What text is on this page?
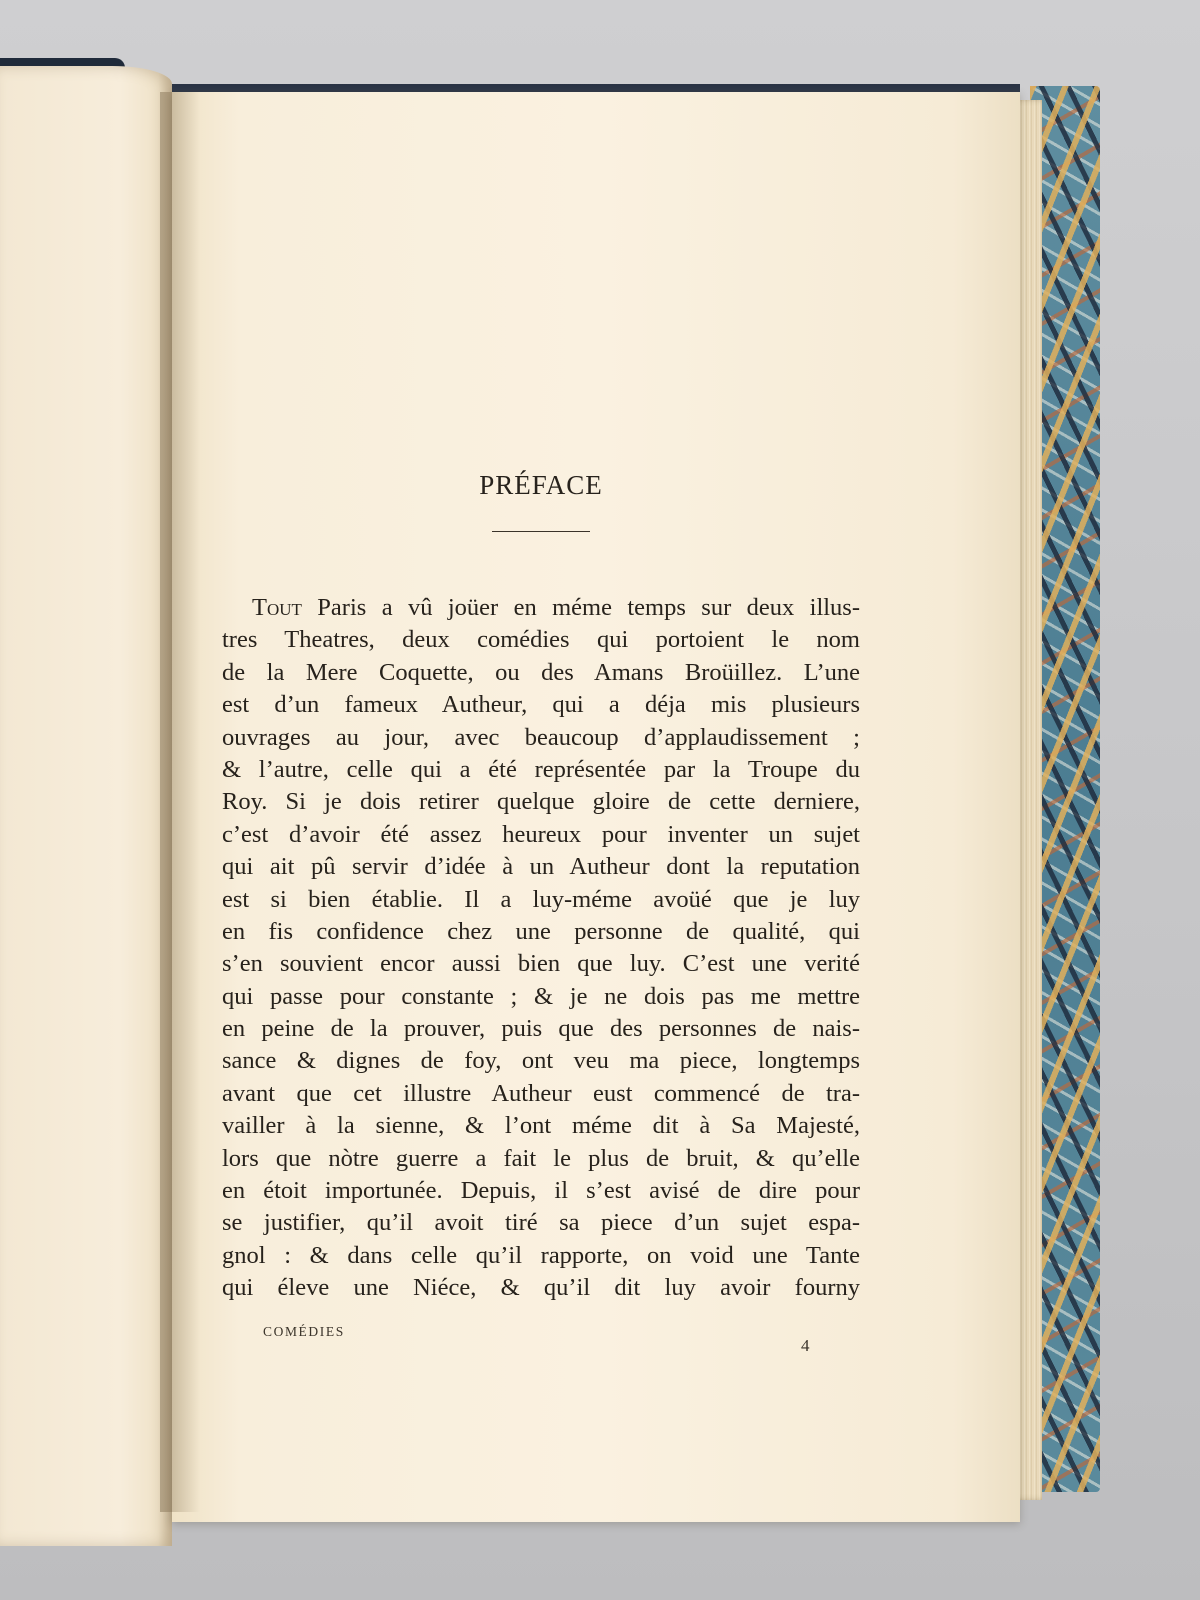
PRÉFACE
Tout Paris a vû joüer en méme temps sur deux illus-
tres Theatres, deux comédies qui portoient le nom
de la Mere Coquette, ou des Amans Broüillez. L’une
est d’un fameux Autheur, qui a déja mis plusieurs
ouvrages au jour, avec beaucoup d’applaudissement ;
& l’autre, celle qui a été représentée par la Troupe du
Roy. Si je dois retirer quelque gloire de cette derniere,
c’est d’avoir été assez heureux pour inventer un sujet
qui ait pû servir d’idée à un Autheur dont la reputation
est si bien établie. Il a luy-méme avoüé que je luy
en fis confidence chez une personne de qualité, qui
s’en souvient encor aussi bien que luy. C’est une verité
qui passe pour constante ; & je ne dois pas me mettre
en peine de la prouver, puis que des personnes de nais-
sance & dignes de foy, ont veu ma piece, longtemps
avant que cet illustre Autheur eust commencé de tra-
vailler à la sienne, & l’ont méme dit à Sa Majesté,
lors que nòtre guerre a fait le plus de bruit, & qu’elle
en étoit importunée. Depuis, il s’est avisé de dire pour
se justifier, qu’il avoit tiré sa piece d’un sujet espa-
gnol : & dans celle qu’il rapporte, on void une Tante
qui éleve une Niéce, & qu’il dit luy avoir fourny
COMÉDIES
4
